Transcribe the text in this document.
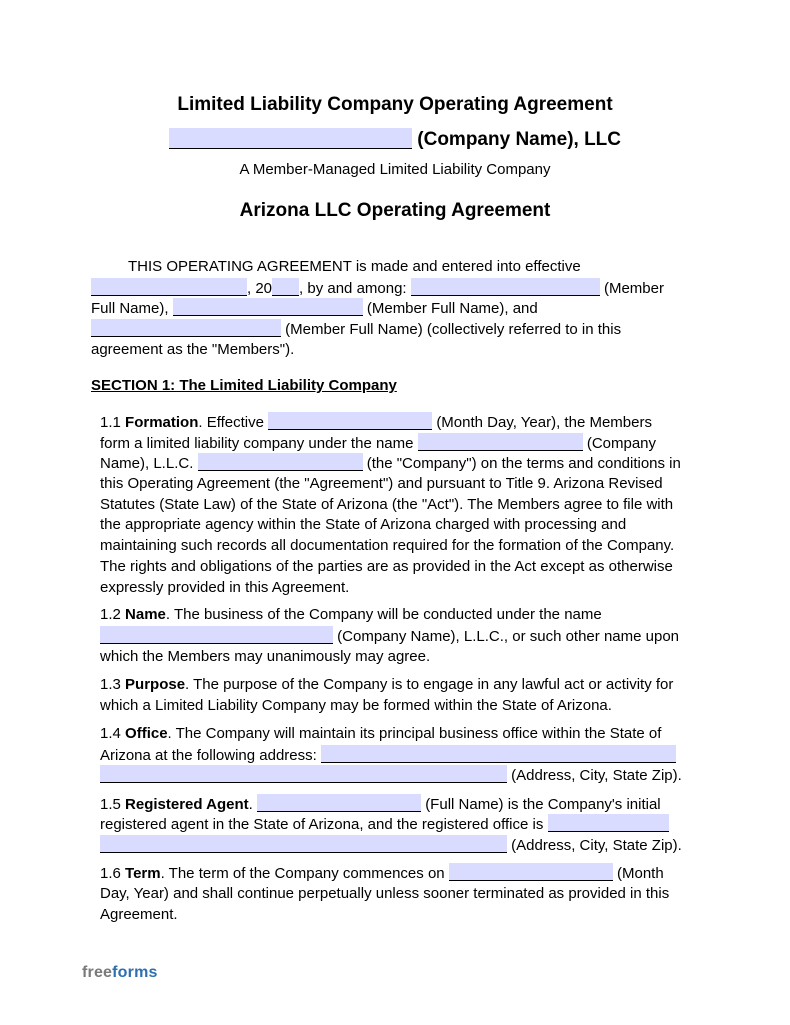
Limited Liability Company Operating Agreement
(Company Name), LLC
A Member-Managed Limited Liability Company
Arizona LLC Operating Agreement
THIS OPERATING AGREEMENT is made and entered into effective
, 20 , by and among:	(Member
Full Name),	(Member Full Name), and
(Member Full Name) (collectively referred to in this
agreement as the "Members").
SECTION 1: The Limited Liability Company
1.1 Formation. Effective	(Month Day, Year), the Members
form a limited liability company under the name	(Company
Name), L.L.C.	(the "Company") on the terms and conditions in
this Operating Agreement (the "Agreement") and pursuant to Title 9. Arizona Revised
Statutes (State Law) of the State of Arizona (the "Act"). The Members agree to file with
the appropriate agency within the State of Arizona charged with processing and
maintaining such records all documentation required for the formation of the Company.
The rights and obligations of the parties are as provided in the Act except as otherwise
expressly provided in this Agreement.
1.2 Name. The business of the Company will be conducted under the name
(Company Name), L.L.C., or such other name upon
which the Members may unanimously may agree.
1.3 Purpose. The purpose of the Company is to engage in any lawful act or activity for
which a Limited Liability Company may be formed within the State of Arizona.
1.4 Office. The Company will maintain its principal business office within the State of
Arizona at the following address:
(Address, City, State Zip).
1.5 Registered Agent.	(Full Name) is the Company's initial
registered agent in the State of Arizona, and the registered office is
(Address, City, State Zip).
1.6 Term. The term of the Company commences on	(Month
Day, Year) and shall continue perpetually unless sooner terminated as provided in this
Agreement.
freeforms
